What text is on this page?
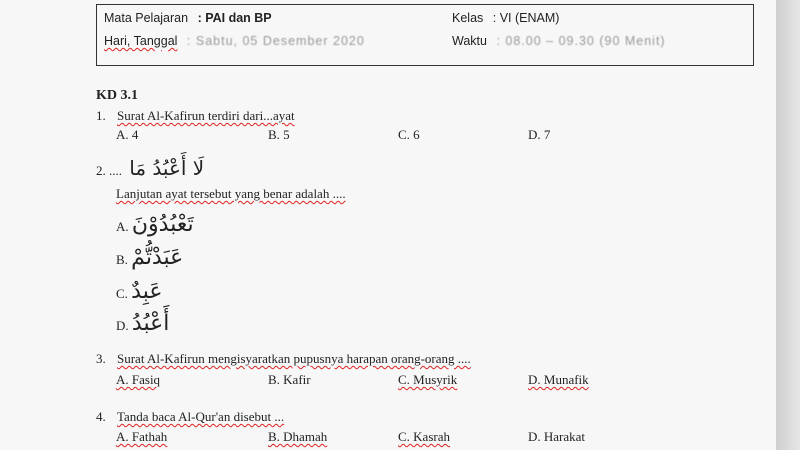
Mata Pelajaran : PAI dan BP	Kelas : VI (ENAM)
Hari, Tanggal : Sabtu, 05 Desember 2020	Waktu : 08.00 – 09.30 (90 Menit)
KD 3.1
1. Surat Al-Kafirun terdiri dari...ayat
A. 4	B. 5	C. 6	D. 7
2. .... لَا أَعْبُدُ مَا
Lanjutan ayat tersebut yang benar adalah ....
A. تَعْبُدُوْنَ
B. عَبَدْتُّمْ
C. عَبِدٌ
D. أَعْبُدُ
3. Surat Al-Kafirun mengisyaratkan pupusnya harapan orang-orang ....
A. Fasiq	B. Kafir	C. Musyrik	D. Munafik
4. Tanda baca Al-Qur'an disebut ...
A. Fathah	B. Dhamah	C. Kasrah	D. Harakat
